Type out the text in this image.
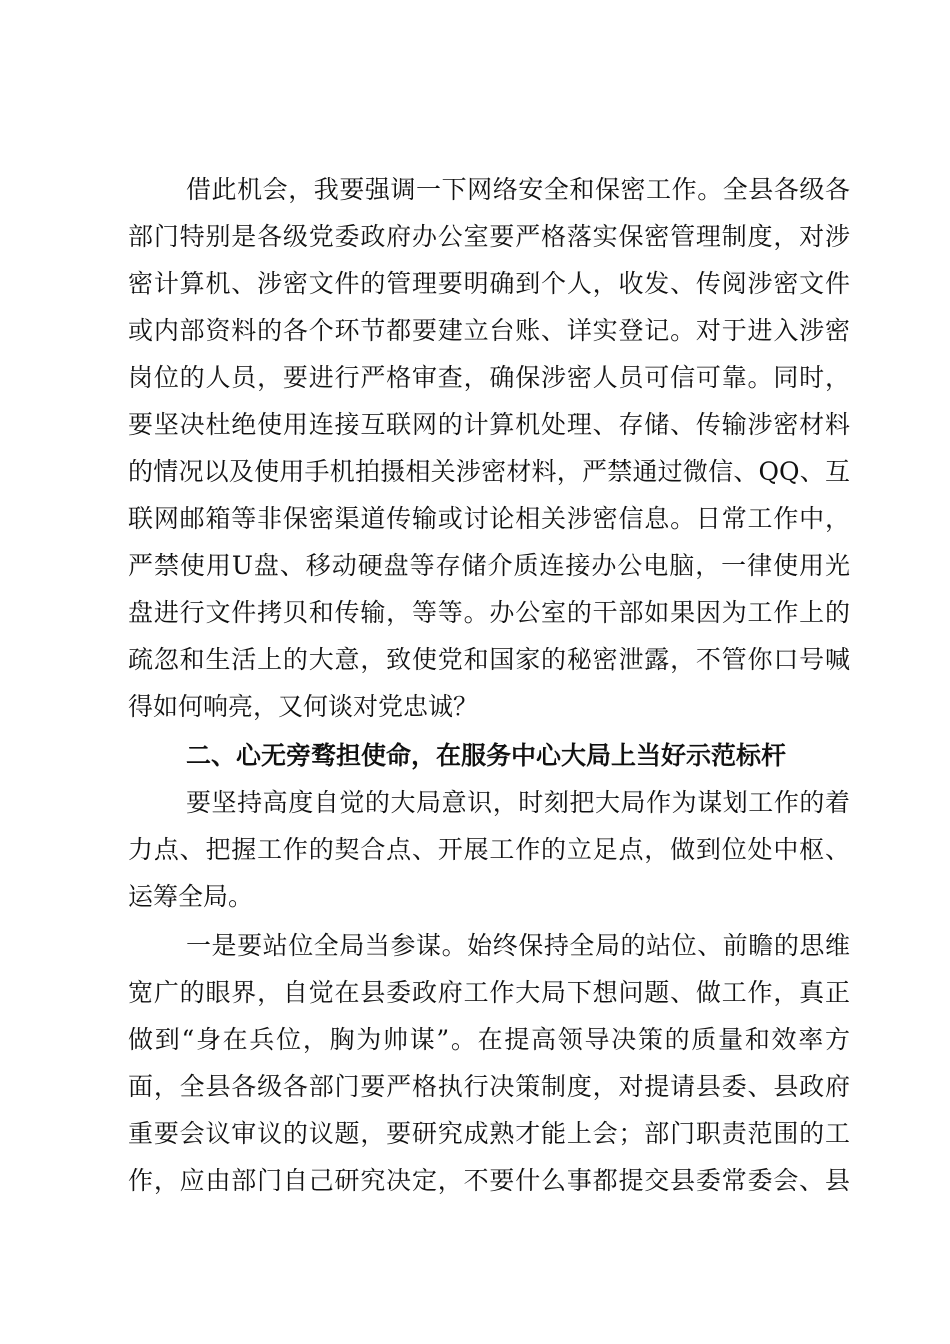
借此机会，我要强调一下网络安全和保密工作。全县各级各
部门特别是各级党委政府办公室要严格落实保密管理制度，对涉
密计算机、涉密文件的管理要明确到个人，收发、传阅涉密文件
或内部资料的各个环节都要建立台账、详实登记。对于进入涉密
岗位的人员，要进行严格审查，确保涉密人员可信可靠。同时，
要坚决杜绝使用连接互联网的计算机处理、存储、传输涉密材料
的情况以及使用手机拍摄相关涉密材料，严禁通过微信、QQ、互
联网邮箱等非保密渠道传输或讨论相关涉密信息。日常工作中，
严禁使用U盘、移动硬盘等存储介质连接办公电脑，一律使用光
盘进行文件拷贝和传输，等等。办公室的干部如果因为工作上的
疏忽和生活上的大意，致使党和国家的秘密泄露，不管你口号喊
得如何响亮，又何谈对党忠诚？
二、心无旁骛担使命，在服务中心大局上当好示范标杆
要坚持高度自觉的大局意识，时刻把大局作为谋划工作的着
力点、把握工作的契合点、开展工作的立足点，做到位处中枢、
运筹全局。
一是要站位全局当参谋。始终保持全局的站位、前瞻的思维
宽广的眼界，自觉在县委政府工作大局下想问题、做工作，真正
做到“身在兵位，胸为帅谋”。在提高领导决策的质量和效率方
面，全县各级各部门要严格执行决策制度，对提请县委、县政府
重要会议审议的议题，要研究成熟才能上会；部门职责范围的工
作，应由部门自己研究决定，不要什么事都提交县委常委会、县
